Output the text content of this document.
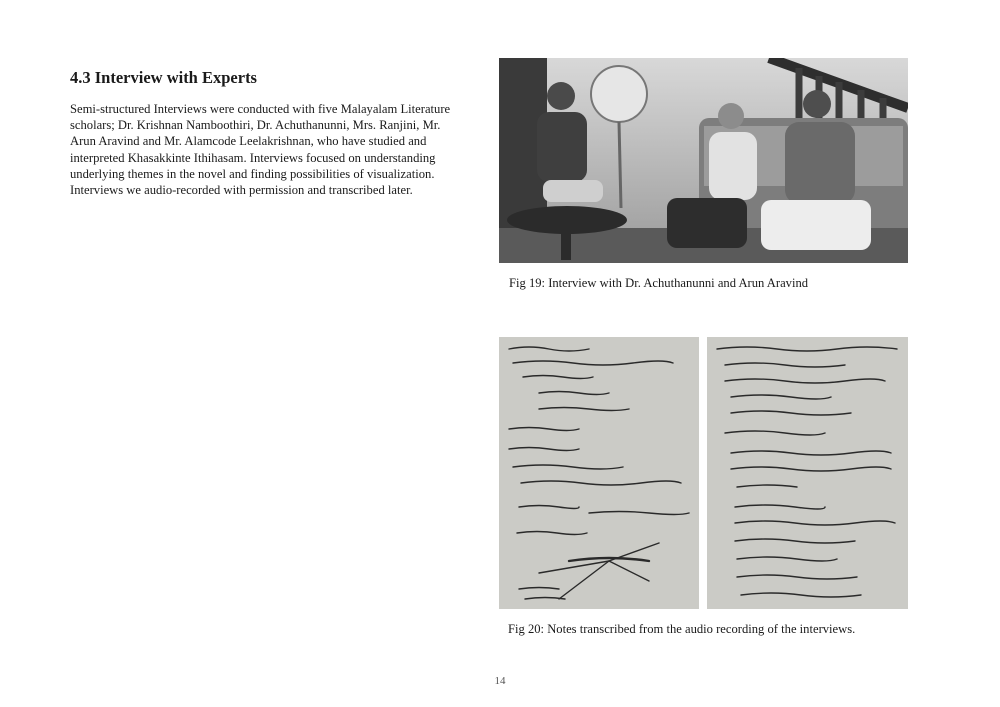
4.3 Interview with Experts

Semi-structured Interviews were conducted with five Malayalam Literature scholars; Dr. Krishnan Namboothiri, Dr. Achuthanunni, Mrs. Ranjini, Mr. Arun Aravind and Mr. Alamcode Leelakrishnan, who have studied and interpreted Khasakkinte Ithihasam. Interviews focused on understanding underlying themes in the novel and finding possibilities of visualization. Interviews we audio-recorded with permission and transcribed later.

Fig 19: Interview with Dr. Achuthanunni and Arun Aravind
Fig 20: Notes transcribed from the audio recording of the interviews.
14
